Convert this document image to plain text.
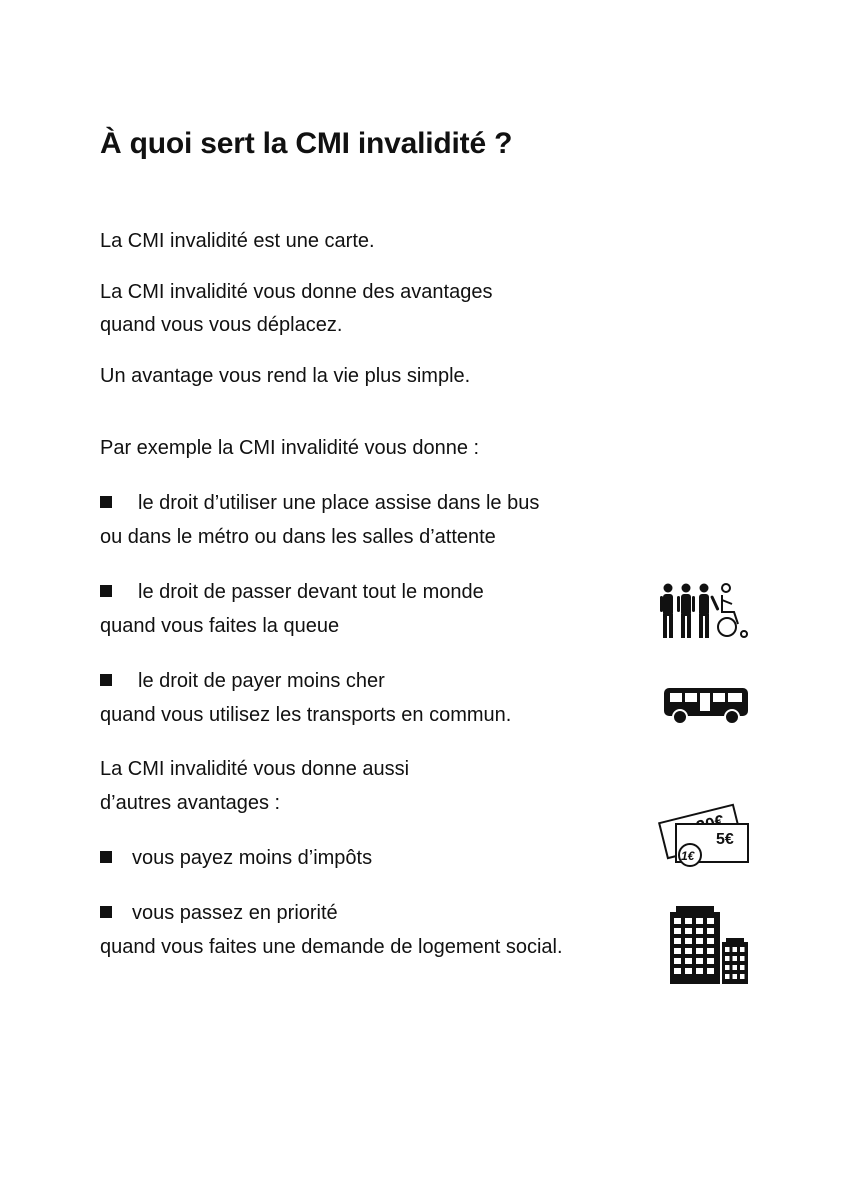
À quoi sert la CMI invalidité ?

La CMI invalidité est une carte.

La CMI invalidité vous donne des avantages

quand vous vous déplacez.

Un avantage vous rend la vie plus simple.

Par exemple la CMI invalidité vous donne :

le droit d’utiliser une place assise dans le bus

ou dans le métro ou dans les salles d’attente

le droit de passer devant tout le monde

quand vous faites la queue

le droit de payer moins cher

quand vous utilisez les transports en commun.

La CMI invalidité vous donne aussi

d’autres avantages :

vous payez moins d’impôts

vous passez en priorité

quand vous faites une demande de logement social.

5€
1€
